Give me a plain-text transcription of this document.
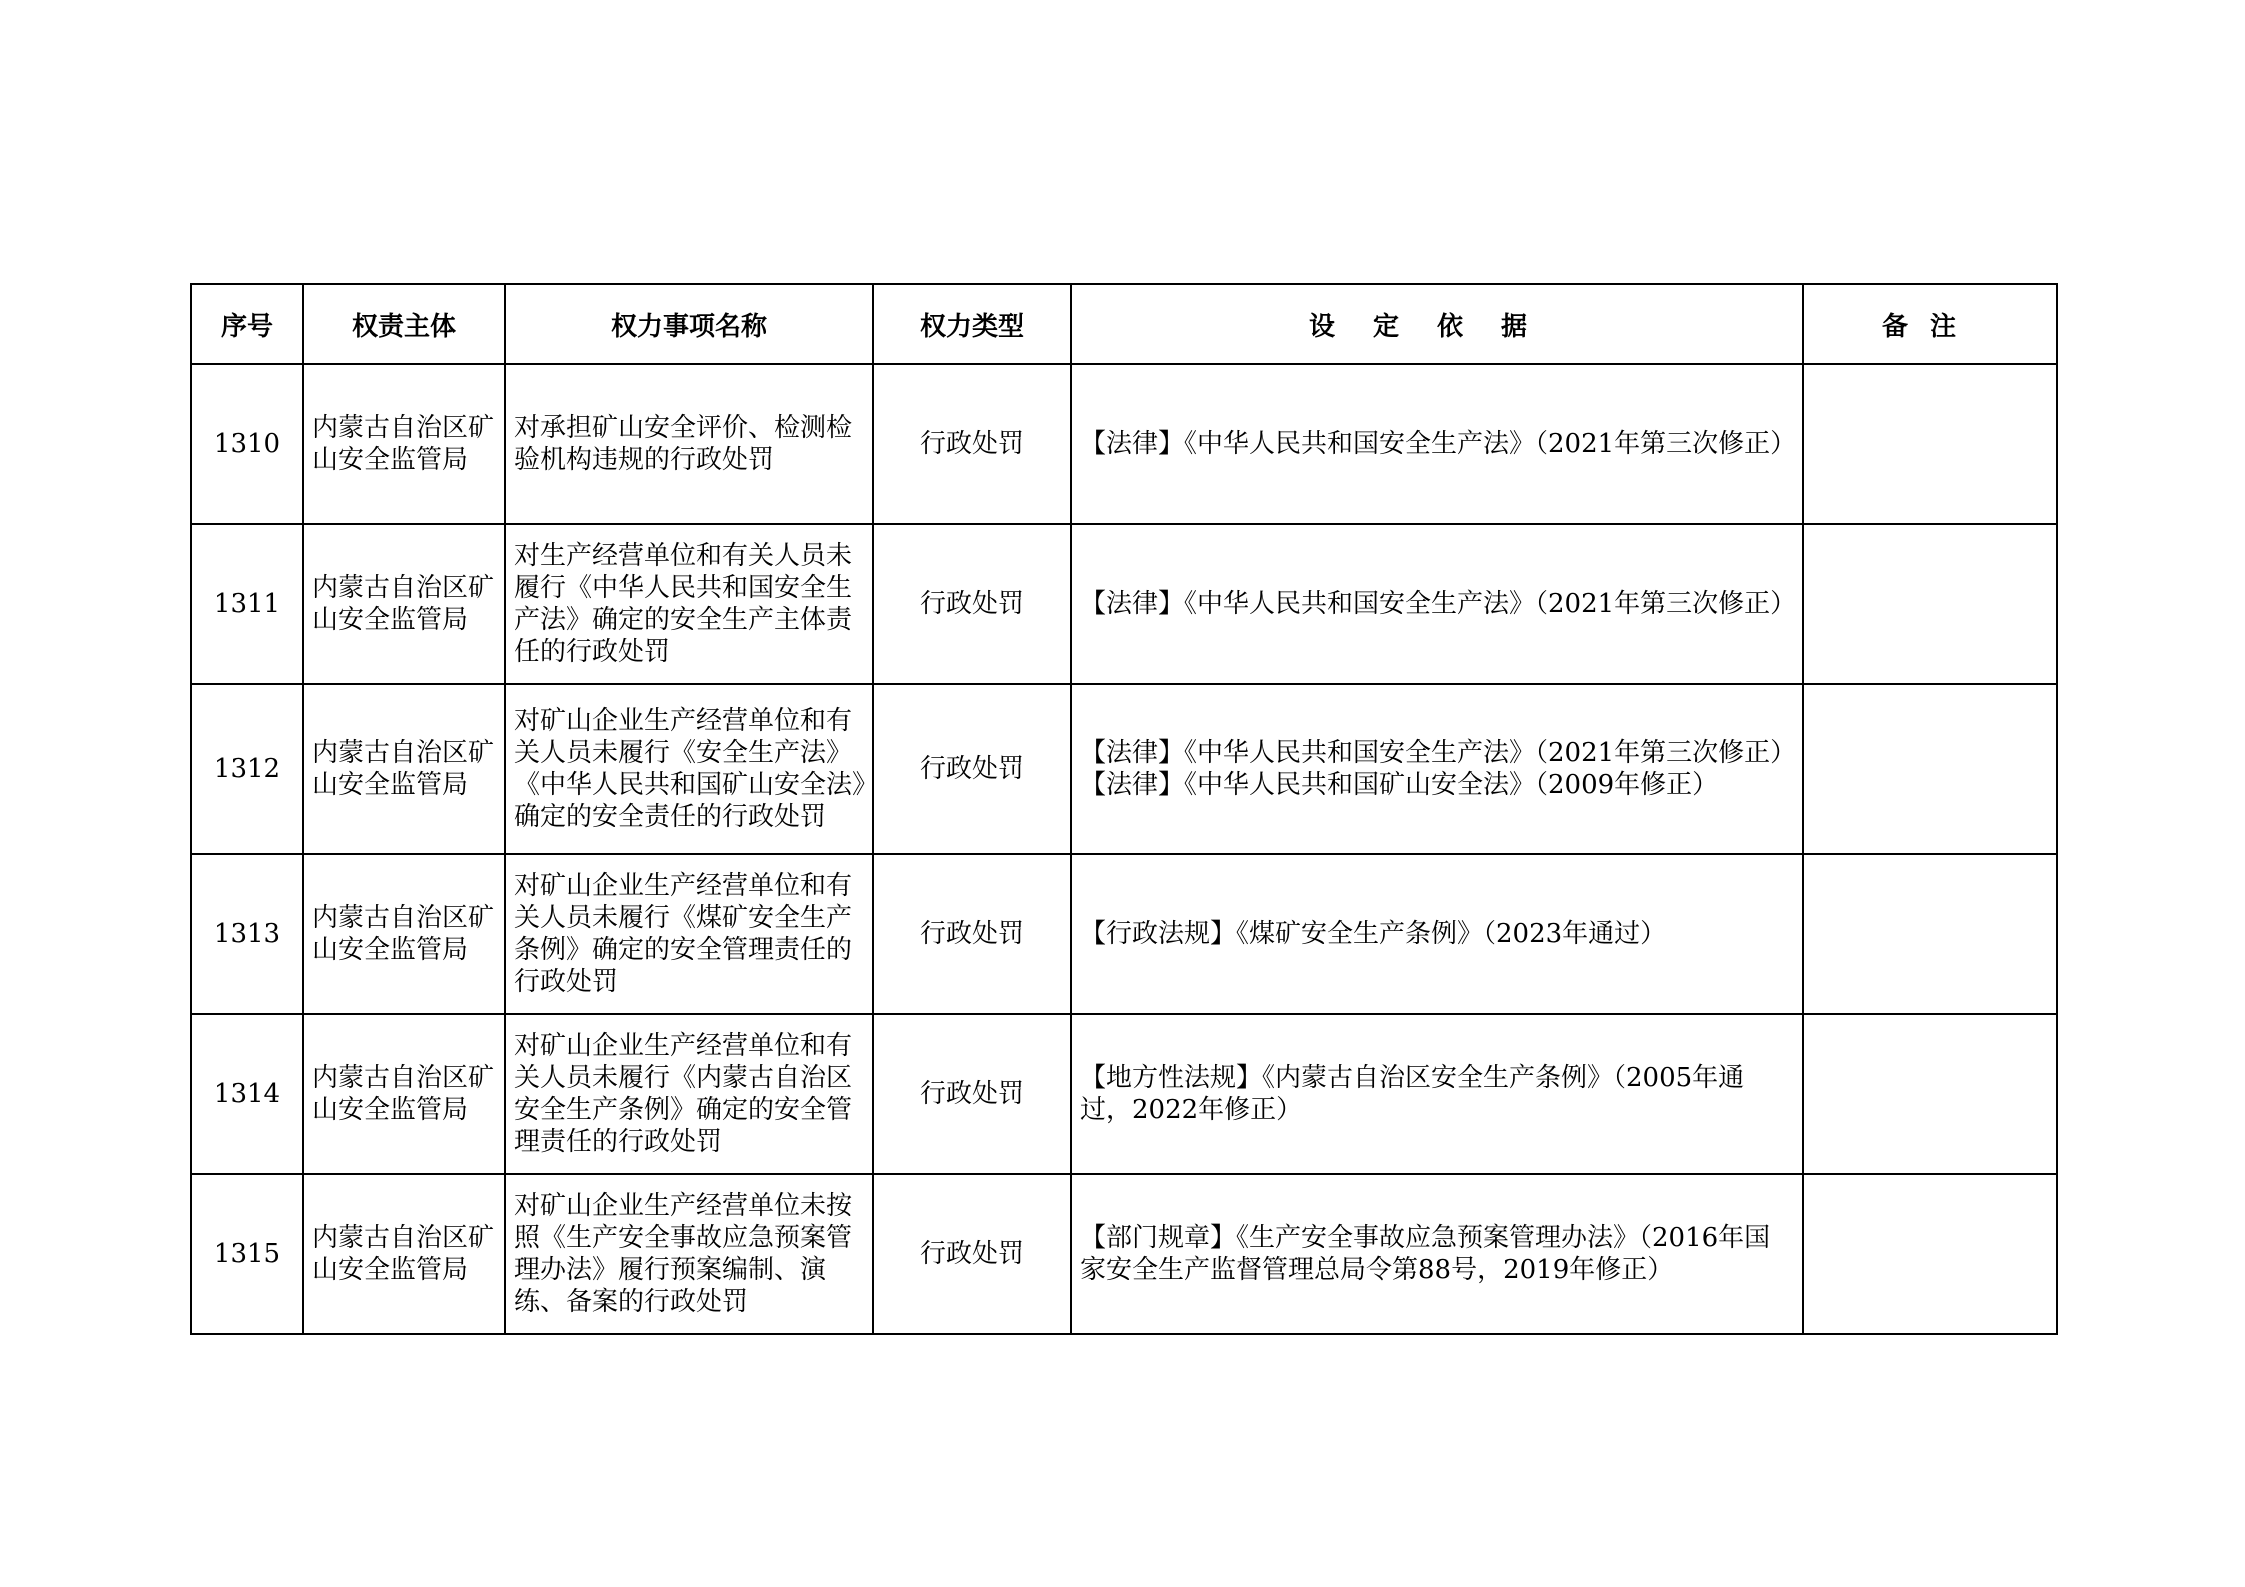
序号	权责主体	权力事项名称	权力类型	设定依据	备注
1310	内蒙古自治区矿山安全监管局	对承担矿山安全评价、检测检验机构违规的行政处罚	行政处罚	【法律】《中华人民共和国安全生产法》（2021年第三次修正）	

1311	内蒙古自治区矿山安全监管局	对生产经营单位和有关人员未履行《中华人民共和国安全生产法》确定的安全生产主体责任的行政处罚	行政处罚	【法律】《中华人民共和国安全生产法》（2021年第三次修正）	

1312	内蒙古自治区矿山安全监管局	对矿山企业生产经营单位和有关人员未履行《安全生产法》《中华人民共和国矿山安全法》确定的安全责任的行政处罚	行政处罚	【法律】《中华人民共和国安全生产法》（2021年第三次修正）
【法律】《中华人民共和国矿山安全法》（2009年修正）	

1313	内蒙古自治区矿山安全监管局	对矿山企业生产经营单位和有关人员未履行《煤矿安全生产条例》确定的安全管理责任的行政处罚	行政处罚	【行政法规】《煤矿安全生产条例》（2023年通过）	

1314	内蒙古自治区矿山安全监管局	对矿山企业生产经营单位和有关人员未履行《内蒙古自治区安全生产条例》确定的安全管理责任的行政处罚	行政处罚	【地方性法规】《内蒙古自治区安全生产条例》（2005年通过，2022年修正）	

1315	内蒙古自治区矿山安全监管局	对矿山企业生产经营单位未按照《生产安全事故应急预案管理办法》履行预案编制、演练、备案的行政处罚	行政处罚	【部门规章】《生产安全事故应急预案管理办法》（2016年国家安全生产监督管理总局令第88号，2019年修正）	
